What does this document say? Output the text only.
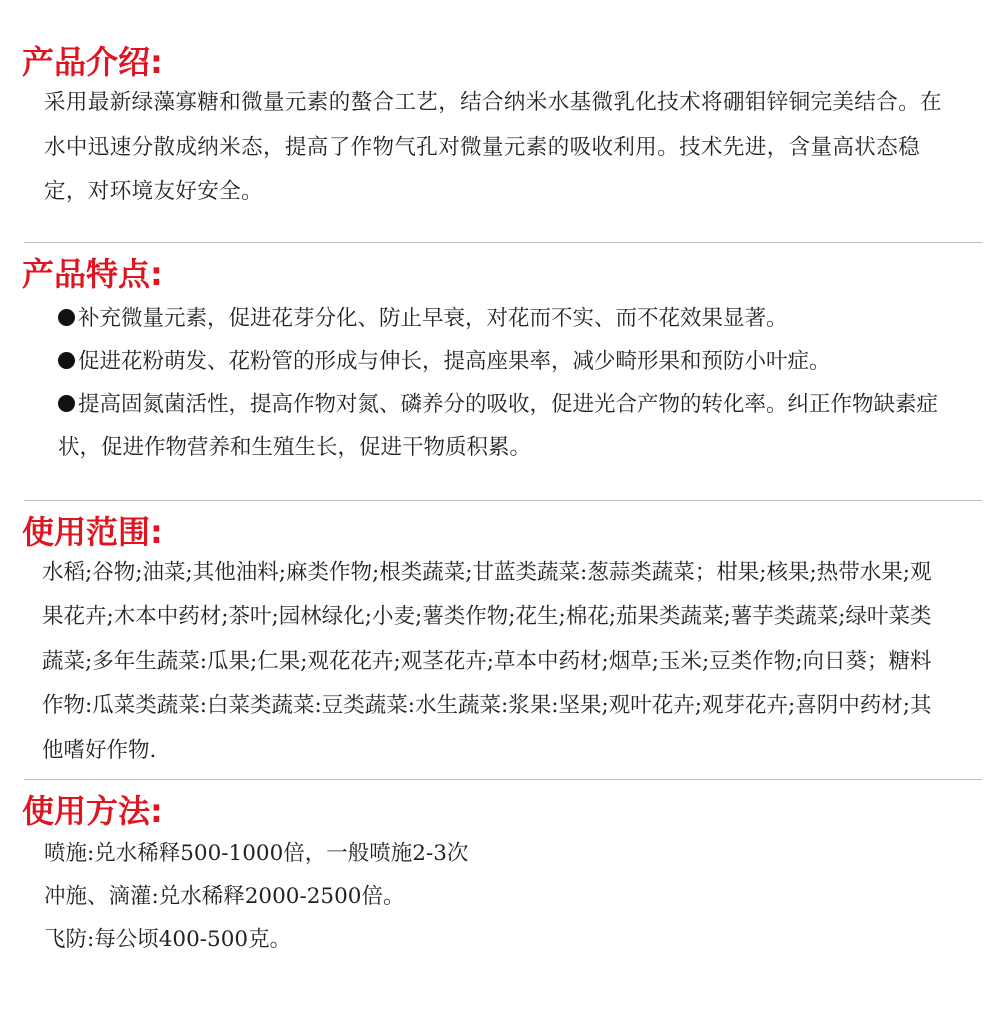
产品介绍:
采用最新绿藻寡糖和微量元素的螯合工艺，结合纳米水基微乳化技术将硼钼锌铜完美结合。在水中迅速分散成纳米态，提高了作物气孔对微量元素的吸收利用。技术先进，含量高状态稳定，对环境友好安全。
产品特点:
补充微量元素，促进花芽分化、防止早衰，对花而不实、而不花效果显著。
促进花粉萌发、花粉管的形成与伸长，提高座果率，减少畸形果和预防小叶症。
提高固氮菌活性，提高作物对氮、磷养分的吸收，促进光合产物的转化率。纠正作物缺素症状，促进作物营养和生殖生长，促进干物质积累。
使用范围:
水稻;谷物;油菜;其他油料;麻类作物;根类蔬菜;甘蓝类蔬菜:葱蒜类蔬菜；柑果;核果;热带水果;观果花卉;木本中药材;茶叶;园林绿化;小麦;薯类作物;花生;棉花;茄果类蔬菜;薯芋类蔬菜;绿叶菜类蔬菜;多年生蔬菜:瓜果;仁果;观花花卉;观茎花卉;草本中药材;烟草;玉米;豆类作物;向日葵；糖料作物:瓜菜类蔬菜:白菜类蔬菜:豆类蔬菜:水生蔬菜:浆果:坚果;观叶花卉;观芽花卉;喜阴中药材;其他嗜好作物.
使用方法:
喷施:兑水稀释500-1000倍，一般喷施2-3次
冲施、滴灌:兑水稀释2000-2500倍。
飞防:每公顷400-500克。
